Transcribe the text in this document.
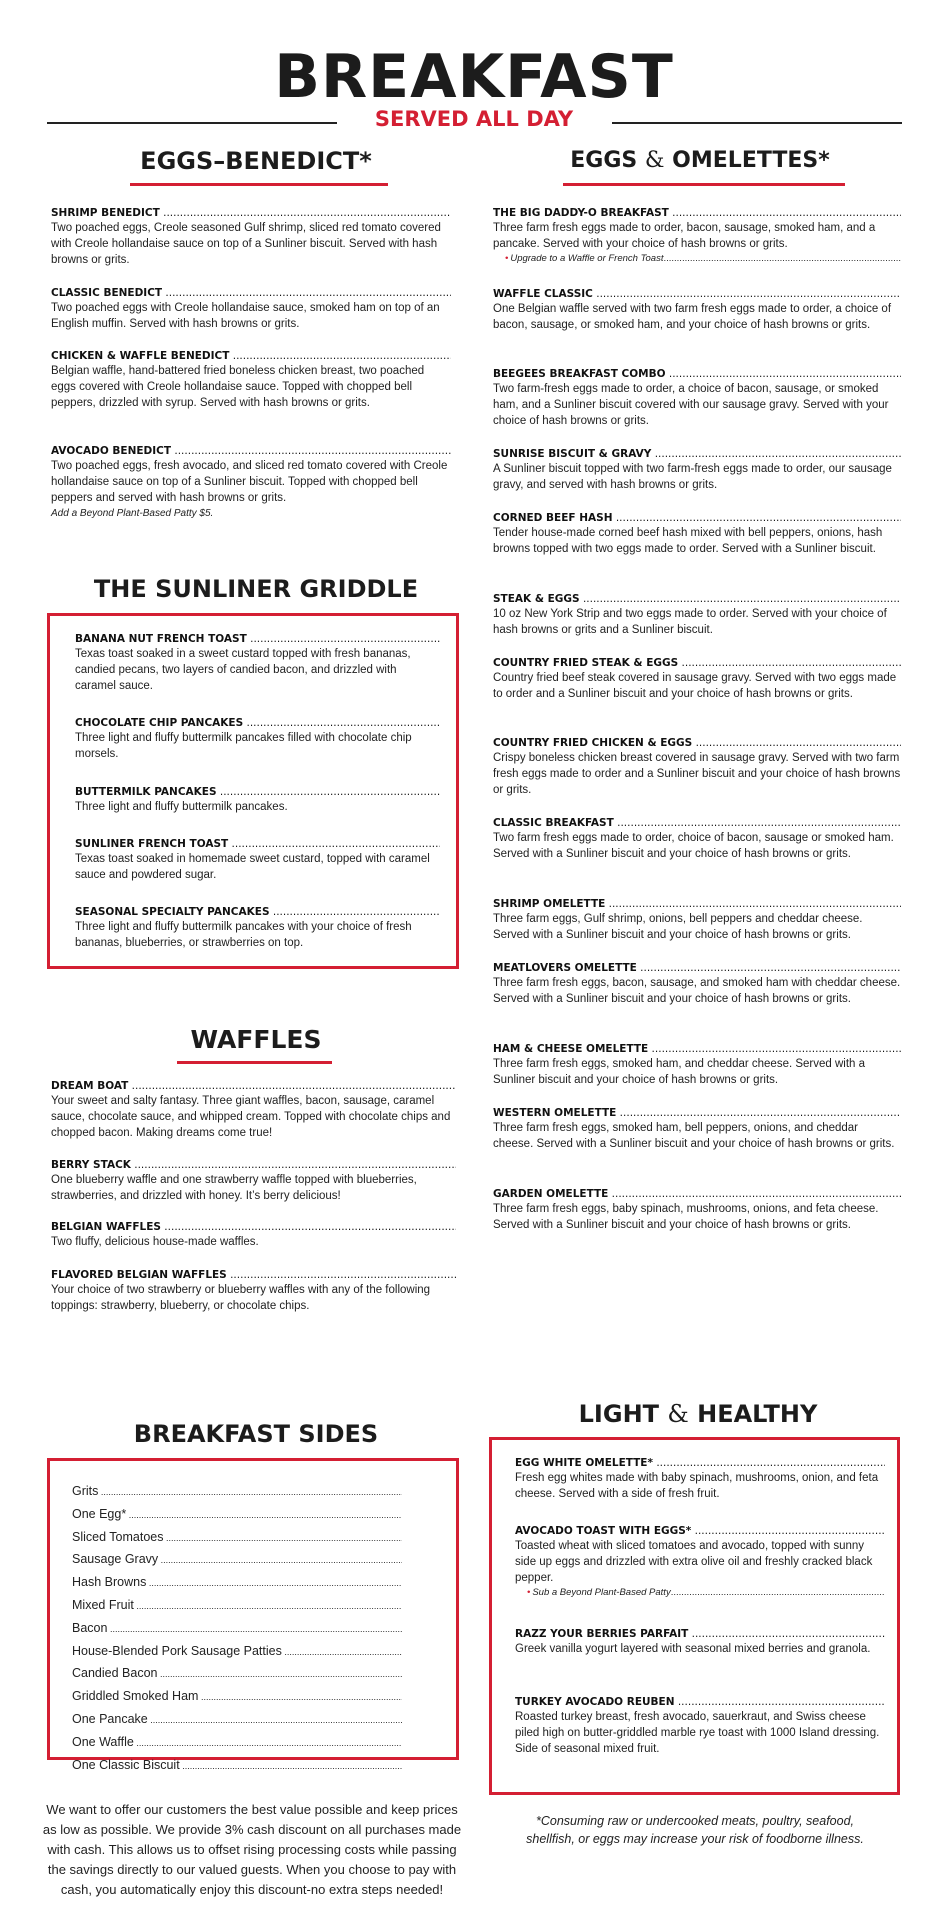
BREAKFAST
SERVED ALL DAY
EGGS–BENEDICT*
SHRIMP BENEDICT .....
Two poached eggs, Creole seasoned Gulf shrimp, sliced red tomato covered with Creole hollandaise sauce on top of a Sunliner biscuit. Served with hash browns or grits.
CLASSIC BENEDICT .....
Two poached eggs with Creole hollandaise sauce, smoked ham on top of an English muffin. Served with hash browns or grits.
CHICKEN & WAFFLE BENEDICT .....
Belgian waffle, hand-battered fried boneless chicken breast, two poached eggs covered with Creole hollandaise sauce. Topped with chopped bell peppers, drizzled with syrup. Served with hash browns or grits.
AVOCADO BENEDICT .....
Two poached eggs, fresh avocado, and sliced red tomato covered with Creole hollandaise sauce on top of a Sunliner biscuit. Topped with chopped bell peppers and served with hash browns or grits.
Add a Beyond Plant-Based Patty $5.
THE SUNLINER GRIDDLE
BANANA NUT FRENCH TOAST .....
Texas toast soaked in a sweet custard topped with fresh bananas, candied pecans, two layers of candied bacon, and drizzled with caramel sauce.
CHOCOLATE CHIP PANCAKES .....
Three light and fluffy buttermilk pancakes filled with chocolate chip morsels.
BUTTERMILK PANCAKES .....
Three light and fluffy buttermilk pancakes.
SUNLINER FRENCH TOAST .....
Texas toast soaked in homemade sweet custard, topped with caramel sauce and powdered sugar.
SEASONAL SPECIALTY PANCAKES .....
Three light and fluffy buttermilk pancakes with your choice of fresh bananas, blueberries, or strawberries on top.
WAFFLES
DREAM BOAT .....
Your sweet and salty fantasy. Three giant waffles, bacon, sausage, caramel sauce, chocolate sauce, and whipped cream. Topped with chocolate chips and chopped bacon. Making dreams come true!
BERRY STACK .....
One blueberry waffle and one strawberry waffle topped with blueberries, strawberries, and drizzled with honey. It’s berry delicious!
BELGIAN WAFFLES .....
Two fluffy, delicious house-made waffles.
FLAVORED BELGIAN WAFFLES .....
Your choice of two strawberry or blueberry waffles with any of the following toppings: strawberry, blueberry, or chocolate chips.
EGGS & OMELETTES*
THE BIG DADDY-O BREAKFAST .....
Three farm fresh eggs made to order, bacon, sausage, smoked ham, and a pancake. Served with your choice of hash browns or grits.
• Upgrade to a Waffle or French Toast .....
WAFFLE CLASSIC .....
One Belgian waffle served with two farm fresh eggs made to order, a choice of bacon, sausage, or smoked ham, and your choice of hash browns or grits.
BEEGEES BREAKFAST COMBO .....
Two farm-fresh eggs made to order, a choice of bacon, sausage, or smoked ham, and a Sunliner biscuit covered with our sausage gravy. Served with your choice of hash browns or grits.
SUNRISE BISCUIT & GRAVY .....
A Sunliner biscuit topped with two farm-fresh eggs made to order, our sausage gravy, and served with hash browns or grits.
CORNED BEEF HASH .....
Tender house-made corned beef hash mixed with bell peppers, onions, hash browns topped with two eggs made to order. Served with a Sunliner biscuit.
STEAK & EGGS .....
10 oz New York Strip and two eggs made to order. Served with your choice of hash browns or grits and a Sunliner biscuit.
COUNTRY FRIED STEAK & EGGS .....
Country fried beef steak covered in sausage gravy. Served with two eggs made to order and a Sunliner biscuit and your choice of hash browns or grits.
COUNTRY FRIED CHICKEN & EGGS .....
Crispy boneless chicken breast covered in sausage gravy. Served with two farm fresh eggs made to order and a Sunliner biscuit and your choice of hash browns or grits.
CLASSIC BREAKFAST .....
Two farm fresh eggs made to order, choice of bacon, sausage or smoked ham. Served with a Sunliner biscuit and your choice of hash browns or grits.
SHRIMP OMELETTE .....
Three farm eggs, Gulf shrimp, onions, bell peppers and cheddar cheese. Served with a Sunliner biscuit and your choice of hash browns or grits.
MEATLOVERS OMELETTE .....
Three farm fresh eggs, bacon, sausage, and smoked ham with cheddar cheese. Served with a Sunliner biscuit and your choice of hash browns or grits.
HAM & CHEESE OMELETTE .....
Three farm fresh eggs, smoked ham, and cheddar cheese. Served with a Sunliner biscuit and your choice of hash browns or grits.
WESTERN OMELETTE .....
Three farm fresh eggs, smoked ham, bell peppers, onions, and cheddar cheese. Served with a Sunliner biscuit and your choice of hash browns or grits.
GARDEN OMELETTE .....
Three farm fresh eggs, baby spinach, mushrooms, onions, and feta cheese. Served with a Sunliner biscuit and your choice of hash browns or grits.
BREAKFAST SIDES
Grits .....
One Egg* .....
Sliced Tomatoes .....
Sausage Gravy .....
Hash Browns .....
Mixed Fruit .....
Bacon .....
House-Blended Pork Sausage Patties .....
Candied Bacon .....
Griddled Smoked Ham .....
One Pancake .....
One Waffle .....
One Classic Biscuit .....
LIGHT & HEALTHY
EGG WHITE OMELETTE* .....
Fresh egg whites made with baby spinach, mushrooms, onion, and feta cheese. Served with a side of fresh fruit.
AVOCADO TOAST WITH EGGS* .....
Toasted wheat with sliced tomatoes and avocado, topped with sunny side up eggs and drizzled with extra olive oil and freshly cracked black pepper.
• Sub a Beyond Plant-Based Patty .....
RAZZ YOUR BERRIES PARFAIT .....
Greek vanilla yogurt layered with seasonal mixed berries and granola.
TURKEY AVOCADO REUBEN .....
Roasted turkey breast, fresh avocado, sauerkraut, and Swiss cheese piled high on butter-griddled marble rye toast with 1000 Island dressing. Side of seasonal mixed fruit.
We want to offer our customers the best value possible and keep prices as low as possible. We provide 3% cash discount on all purchases made with cash. This allows us to offset rising processing costs while passing the savings directly to our valued guests. When you choose to pay with cash, you automatically enjoy this discount-no extra steps needed!
*Consuming raw or undercooked meats, poultry, seafood, shellfish, or eggs may increase your risk of foodborne illness.
